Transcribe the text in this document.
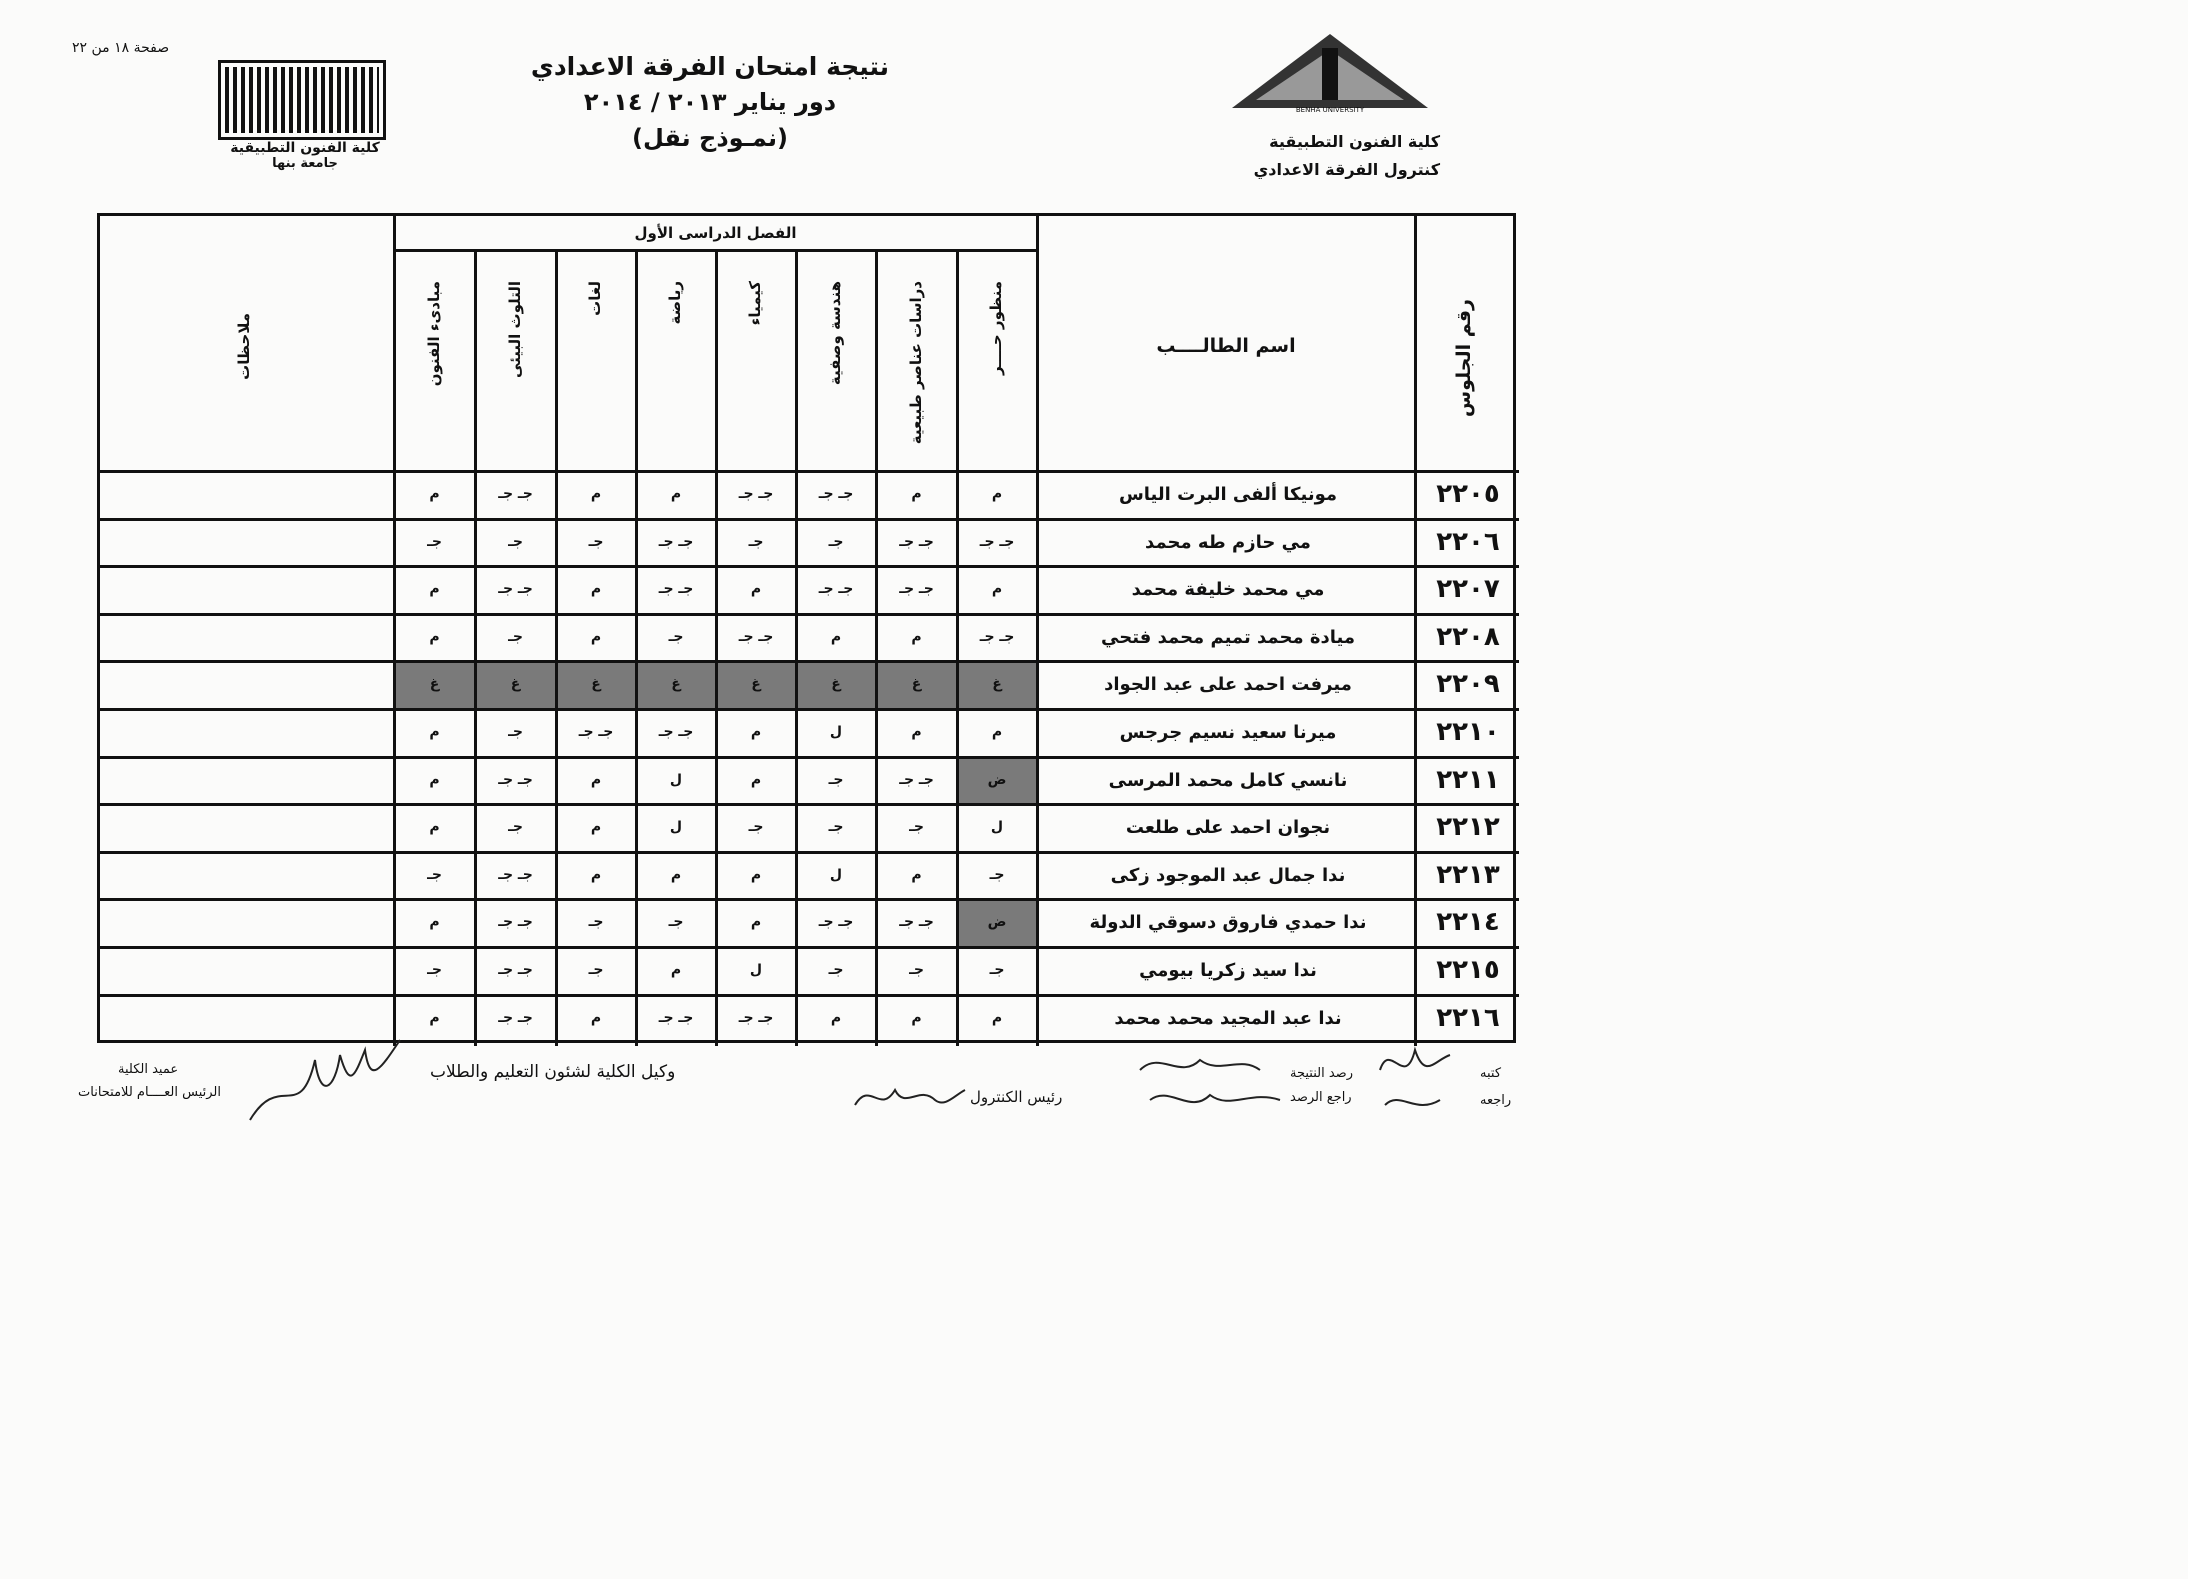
صفحة ١٨ من ٢٢
نتيجة امتحان الفرقة الاعدادي
دور يناير ٢٠١٣ / ٢٠١٤
(نمـوذج نقل)
كلية الفنون التطبيقية
جامعة بنها
BENHA UNIVERSITY
كلية الفنون التطبيقية
كنترول الفرقة الاعدادي
ملاحظات
الفصل الدراسى الأول
اسم الطالــــب	رقم الجلوس
منظور حــــر
دراسات عناصر طبيعية
هندسة وصفية
كيمياء
رياضة
لغات
التلوث البيئى
مبادىء الفنون
٢٢٠٥
مونيكا ألفى البرت الياس
م
م
جـ جـ
جـ جـ
م
م
جـ جـ
م
٢٢٠٦
مي حازم طه محمد
جـ جـ
جـ جـ
جـ
جـ
جـ جـ
جـ
جـ
جـ
٢٢٠٧
مي محمد خليفة محمد
م
جـ جـ
جـ جـ
م
جـ جـ
م
جـ جـ
م
٢٢٠٨
ميادة محمد تميم محمد فتحي
جـ جـ
م
م
جـ جـ
جـ
م
جـ
م
٢٢٠٩
ميرفت احمد على عبد الجواد
غ
غ
غ
غ
غ
غ
غ
غ
٢٢١٠
ميرنا سعيد نسيم جرجس
م
م
ل
م
جـ جـ
جـ جـ
جـ
م
٢٢١١
نانسي كامل محمد المرسى
ض
جـ جـ
جـ
م
ل
م
جـ جـ
م
٢٢١٢
نجوان احمد على طلعت
ل
جـ
جـ
جـ
ل
م
جـ
م
٢٢١٣
ندا جمال عبد الموجود زكى
جـ
م
ل
م
م
م
جـ جـ
جـ
٢٢١٤
ندا حمدي فاروق دسوقي الدولة
ض
جـ جـ
جـ جـ
م
جـ
جـ
جـ جـ
م
٢٢١٥
ندا سيد زكريا بيومي
جـ
جـ
جـ
ل
م
جـ
جـ جـ
جـ
٢٢١٦
ندا عبد المجيد محمد محمد
م
م
م
جـ جـ
جـ جـ
م
جـ جـ
م
كتبه
رصد النتيجة
راجعه
راجع الرصد
رئيس الكنترول
وكيل الكلية لشئون التعليم والطلاب
عميد الكلية
الرئيس العــــام للامتحانات
